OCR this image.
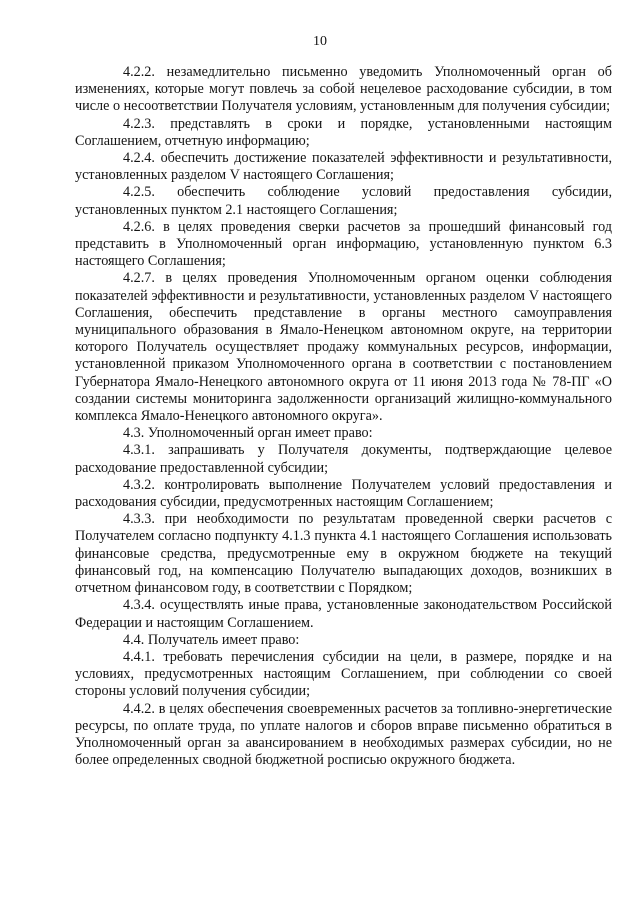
10

4.2.2. незамедлительно письменно уведомить Уполномоченный орган об изменениях, которые могут повлечь за собой нецелевое расходование субсидии, в том числе о несоответствии Получателя условиям, установленным для получения субсидии;

4.2.3. представлять в сроки и порядке, установленными настоящим Соглашением, отчетную информацию;

4.2.4. обеспечить достижение показателей эффективности и результативности, установленных разделом V настоящего Соглашения;

4.2.5. обеспечить соблюдение условий предоставления субсидии, установленных пунктом 2.1 настоящего Соглашения;

4.2.6. в целях проведения сверки расчетов за прошедший финансовый год представить в Уполномоченный орган информацию, установленную пунктом 6.3 настоящего Соглашения;

4.2.7. в целях проведения Уполномоченным органом оценки соблюдения показателей эффективности и результативности, установленных разделом V настоящего Соглашения, обеспечить представление в органы местного самоуправления муниципального образования в Ямало-Ненецком автономном округе, на территории которого Получатель осуществляет продажу коммунальных ресурсов, информации, установленной приказом Уполномоченного органа в соответствии с постановлением Губернатора Ямало-Ненецкого автономного округа от 11 июня 2013 года № 78-ПГ «О создании системы мониторинга задолженности организаций жилищно-коммунального комплекса Ямало-Ненецкого автономного округа».

4.3. Уполномоченный орган имеет право:

4.3.1. запрашивать у Получателя документы, подтверждающие целевое расходование предоставленной субсидии;

4.3.2. контролировать выполнение Получателем условий предоставления и расходования субсидии, предусмотренных настоящим Соглашением;

4.3.3. при необходимости по результатам проведенной сверки расчетов с Получателем согласно подпункту 4.1.3 пункта 4.1 настоящего Соглашения использовать финансовые средства, предусмотренные ему в окружном бюджете на текущий финансовый год, на компенсацию Получателю выпадающих доходов, возникших в отчетном финансовом году, в соответствии с Порядком;

4.3.4. осуществлять иные права, установленные законодательством Российской Федерации и настоящим Соглашением.

4.4. Получатель имеет право:

4.4.1. требовать перечисления субсидии на цели, в размере, порядке и на условиях, предусмотренных настоящим Соглашением, при соблюдении со своей стороны условий получения субсидии;

4.4.2. в целях обеспечения своевременных расчетов за топливно-энергетические ресурсы, по оплате труда, по уплате налогов и сборов вправе письменно обратиться в Уполномоченный орган за авансированием в необходимых размерах субсидии, но не более определенных сводной бюджетной росписью окружного бюджета.
